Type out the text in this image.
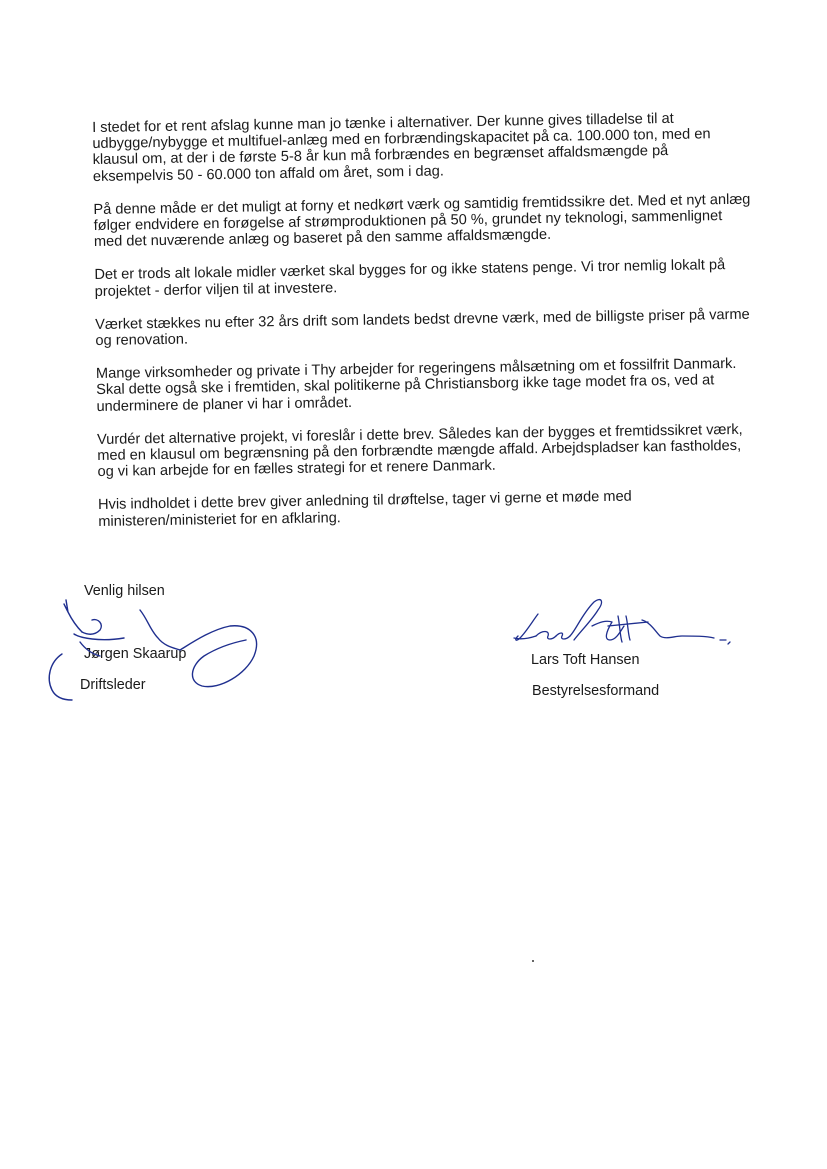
I stedet for et rent afslag kunne man jo tænke i alternativer. Der kunne gives tilladelse til at udbygge/nybygge et multifuel-anlæg med en forbrændingskapacitet på ca. 100.000 ton, med en klausul om, at der i de første 5-8 år kun må forbrændes en begrænset affaldsmængde på eksempelvis 50 - 60.000 ton affald om året, som i dag.

På denne måde er det muligt at forny et nedkørt værk og samtidig fremtidssikre det. Med et nyt anlæg følger endvidere en forøgelse af strømproduktionen på 50 %, grundet ny teknologi, sammenlignet med det nuværende anlæg og baseret på den samme affaldsmængde.

Det er trods alt lokale midler værket skal bygges for og ikke statens penge. Vi tror nemlig lokalt på projektet - derfor viljen til at investere.

Værket stækkes nu efter 32 års drift som landets bedst drevne værk, med de billigste priser på varme og renovation.

Mange virksomheder og private i Thy arbejder for regeringens målsætning om et fossilfrit Danmark. Skal dette også ske i fremtiden, skal politikerne på Christiansborg ikke tage modet fra os, ved at underminere de planer vi har i området.

Vurdér det alternative projekt, vi foreslår i dette brev. Således kan der bygges et fremtidssikret værk, med en klausul om begrænsning på den forbrændte mængde affald. Arbejdspladser kan fastholdes, og vi kan arbejde for en fælles strategi for et renere Danmark.

Hvis indholdet i dette brev giver anledning til drøftelse, tager vi gerne et møde med ministeren/ministeriet for en afklaring.

Venlig hilsen
Jørgen Skaarup
Driftsleder
Lars Toft Hansen
Bestyrelsesformand
